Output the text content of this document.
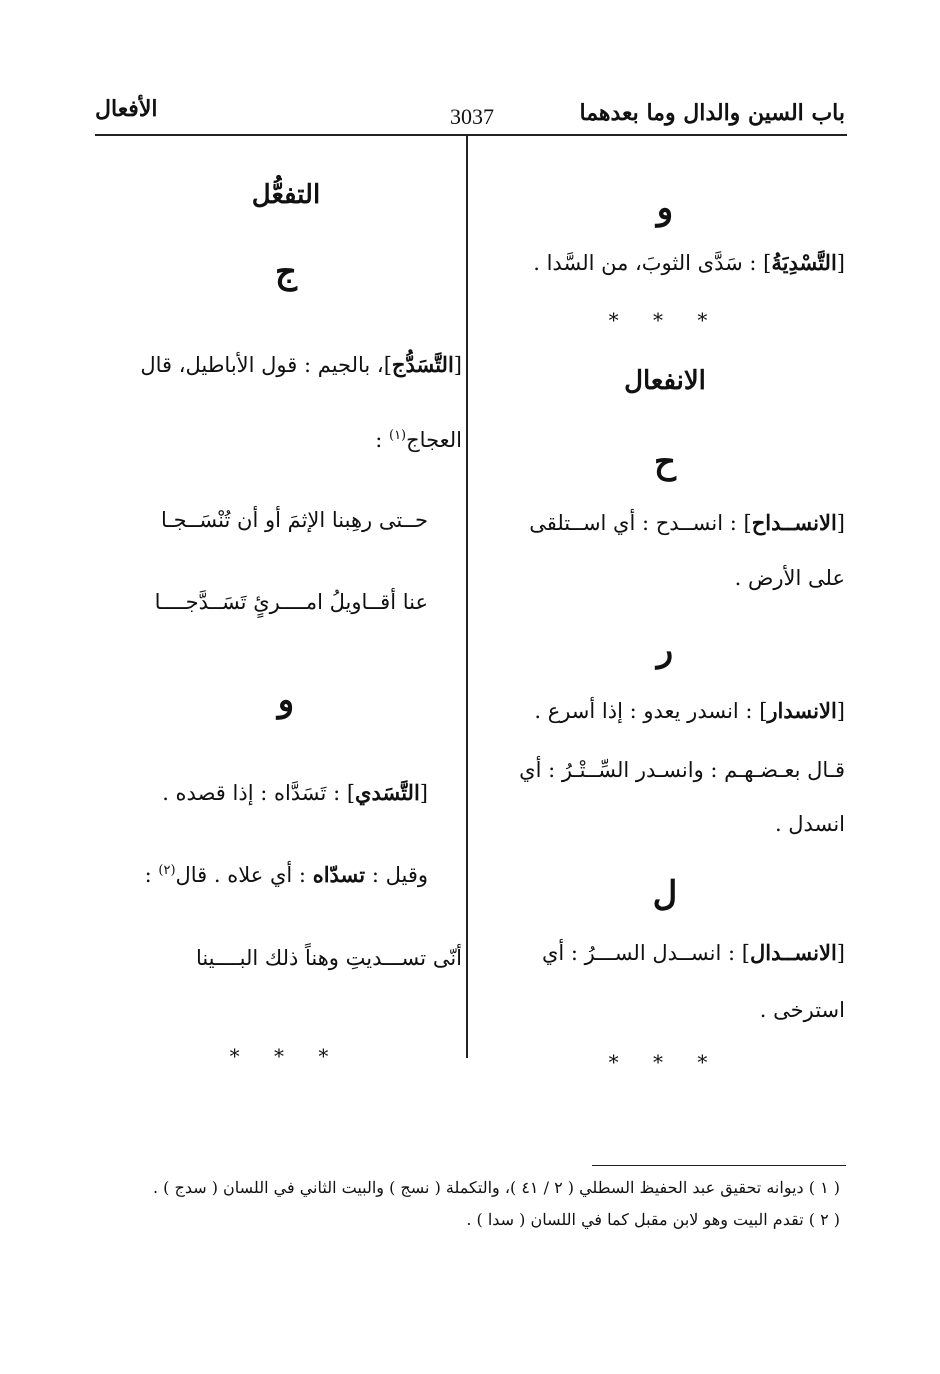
باب السين والدال وما بعدهما
3037
الأفعال
و
[التَّسْدِيَةُ] : سَدَّى الثوبَ، من السَّدا .
* * *
الانفعال
ح
[الانســداح] : انســدح : أي اســتلقى
على الأرض .
ر
[الانسدار] : انسدر يعدو : إذا أسرع .
قـال بعـضـهـم : وانسـدر السِّــتْـرُ : أي
انسدل .
ل
[الانســدال] : انســدل الســـرُ : أي
استرخى .
* * *
التفعُّل
ج
[التَّسَدُّج]، بالجيم : قول الأباطيل، قال
العجاج$^{(١)}$ :
حــتى رهِبنا الإثمَ أو أن تُنْسَــجـا
عنا أقــاويلُ امــــرئٍ تَسَــدَّجــــا
و
[التَّسَدي] : تَسَدَّاه : إذا قصده .
وقيل : تسدّاه : أي علاه . قال$^{(٢)}$ :
أنّى تســـديتِ وهناً ذلك البــــينا
* * *
( ١ ) ديوانه تحقيق عبد الحفيظ السطلي ( ٢ / ٤١ )، والتكملة ( نسج ) والبيت الثاني في اللسان ( سدج ) .
( ٢ ) تقدم البيت وهو لابن مقبل كما في اللسان ( سدا ) .
